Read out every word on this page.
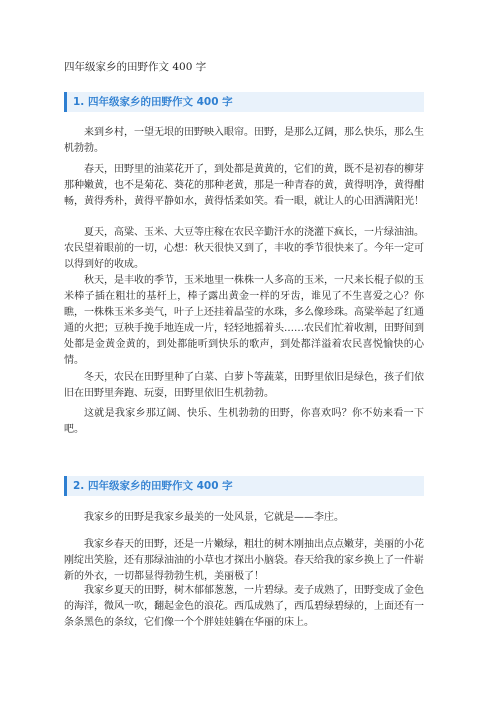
四年级家乡的田野作文 400 字
1. 四年级家乡的田野作文 400 字

来到乡村，一望无垠的田野映入眼帘。田野，是那么辽阔，那么快乐，那么生机勃勃。

春天，田野里的油菜花开了，到处都是黄黄的，它们的黄，既不是初春的柳芽那种嫩黄，也不是菊花、葵花的那种老黄，那是一种青春的黄，黄得明净，黄得酣畅，黄得秀朴，黄得平静如水，黄得恬柔如笑。看一眼，就让人的心田洒满阳光！

夏天，高粱、玉米、大豆等庄稼在农民辛勤汗水的浇灌下疯长，一片绿油油。农民望着眼前的一切，心想：秋天很快又到了，丰收的季节很快来了。今年一定可以得到好的收成。

秋天，是丰收的季节，玉米地里一株株一人多高的玉米，一尺来长棍子似的玉米棒子插在粗壮的基杆上，棒子露出黄金一样的牙齿，谁见了不生喜爱之心？你瞧，一株株玉米多美气，叶子上还挂着晶莹的水珠，多么像珍珠。高粱举起了红通通的火把；豆秧手挽手地连成一片，轻轻地摇着头……农民们忙着收割，田野间到处都是金黄金黄的，到处都能听到快乐的歌声，到处都洋溢着农民喜悦愉快的心情。

冬天，农民在田野里种了白菜、白萝卜等蔬菜，田野里依旧是绿色，孩子们依旧在田野里奔跑、玩耍，田野里依旧生机勃勃。

这就是我家乡那辽阔、快乐、生机勃勃的田野，你喜欢吗？你不妨来看一下吧。

2. 四年级家乡的田野作文 400 字

我家乡的田野是我家乡最美的一处风景，它就是——李庄。

我家乡春天的田野，还是一片嫩绿，粗壮的树木刚抽出点点嫩芽，美丽的小花刚绽出笑脸，还有那绿油油的小草也才探出小脑袋。春天给我的家乡换上了一件崭新的外衣，一切都显得勃勃生机，美丽极了！

我家乡夏天的田野，树木郁郁葱葱，一片碧绿。麦子成熟了，田野变成了金色的海洋，微风一吹，翻起金色的浪花。西瓜成熟了，西瓜碧绿碧绿的，上面还有一条条黑色的条纹，它们像一个个胖娃娃躺在华丽的床上。
